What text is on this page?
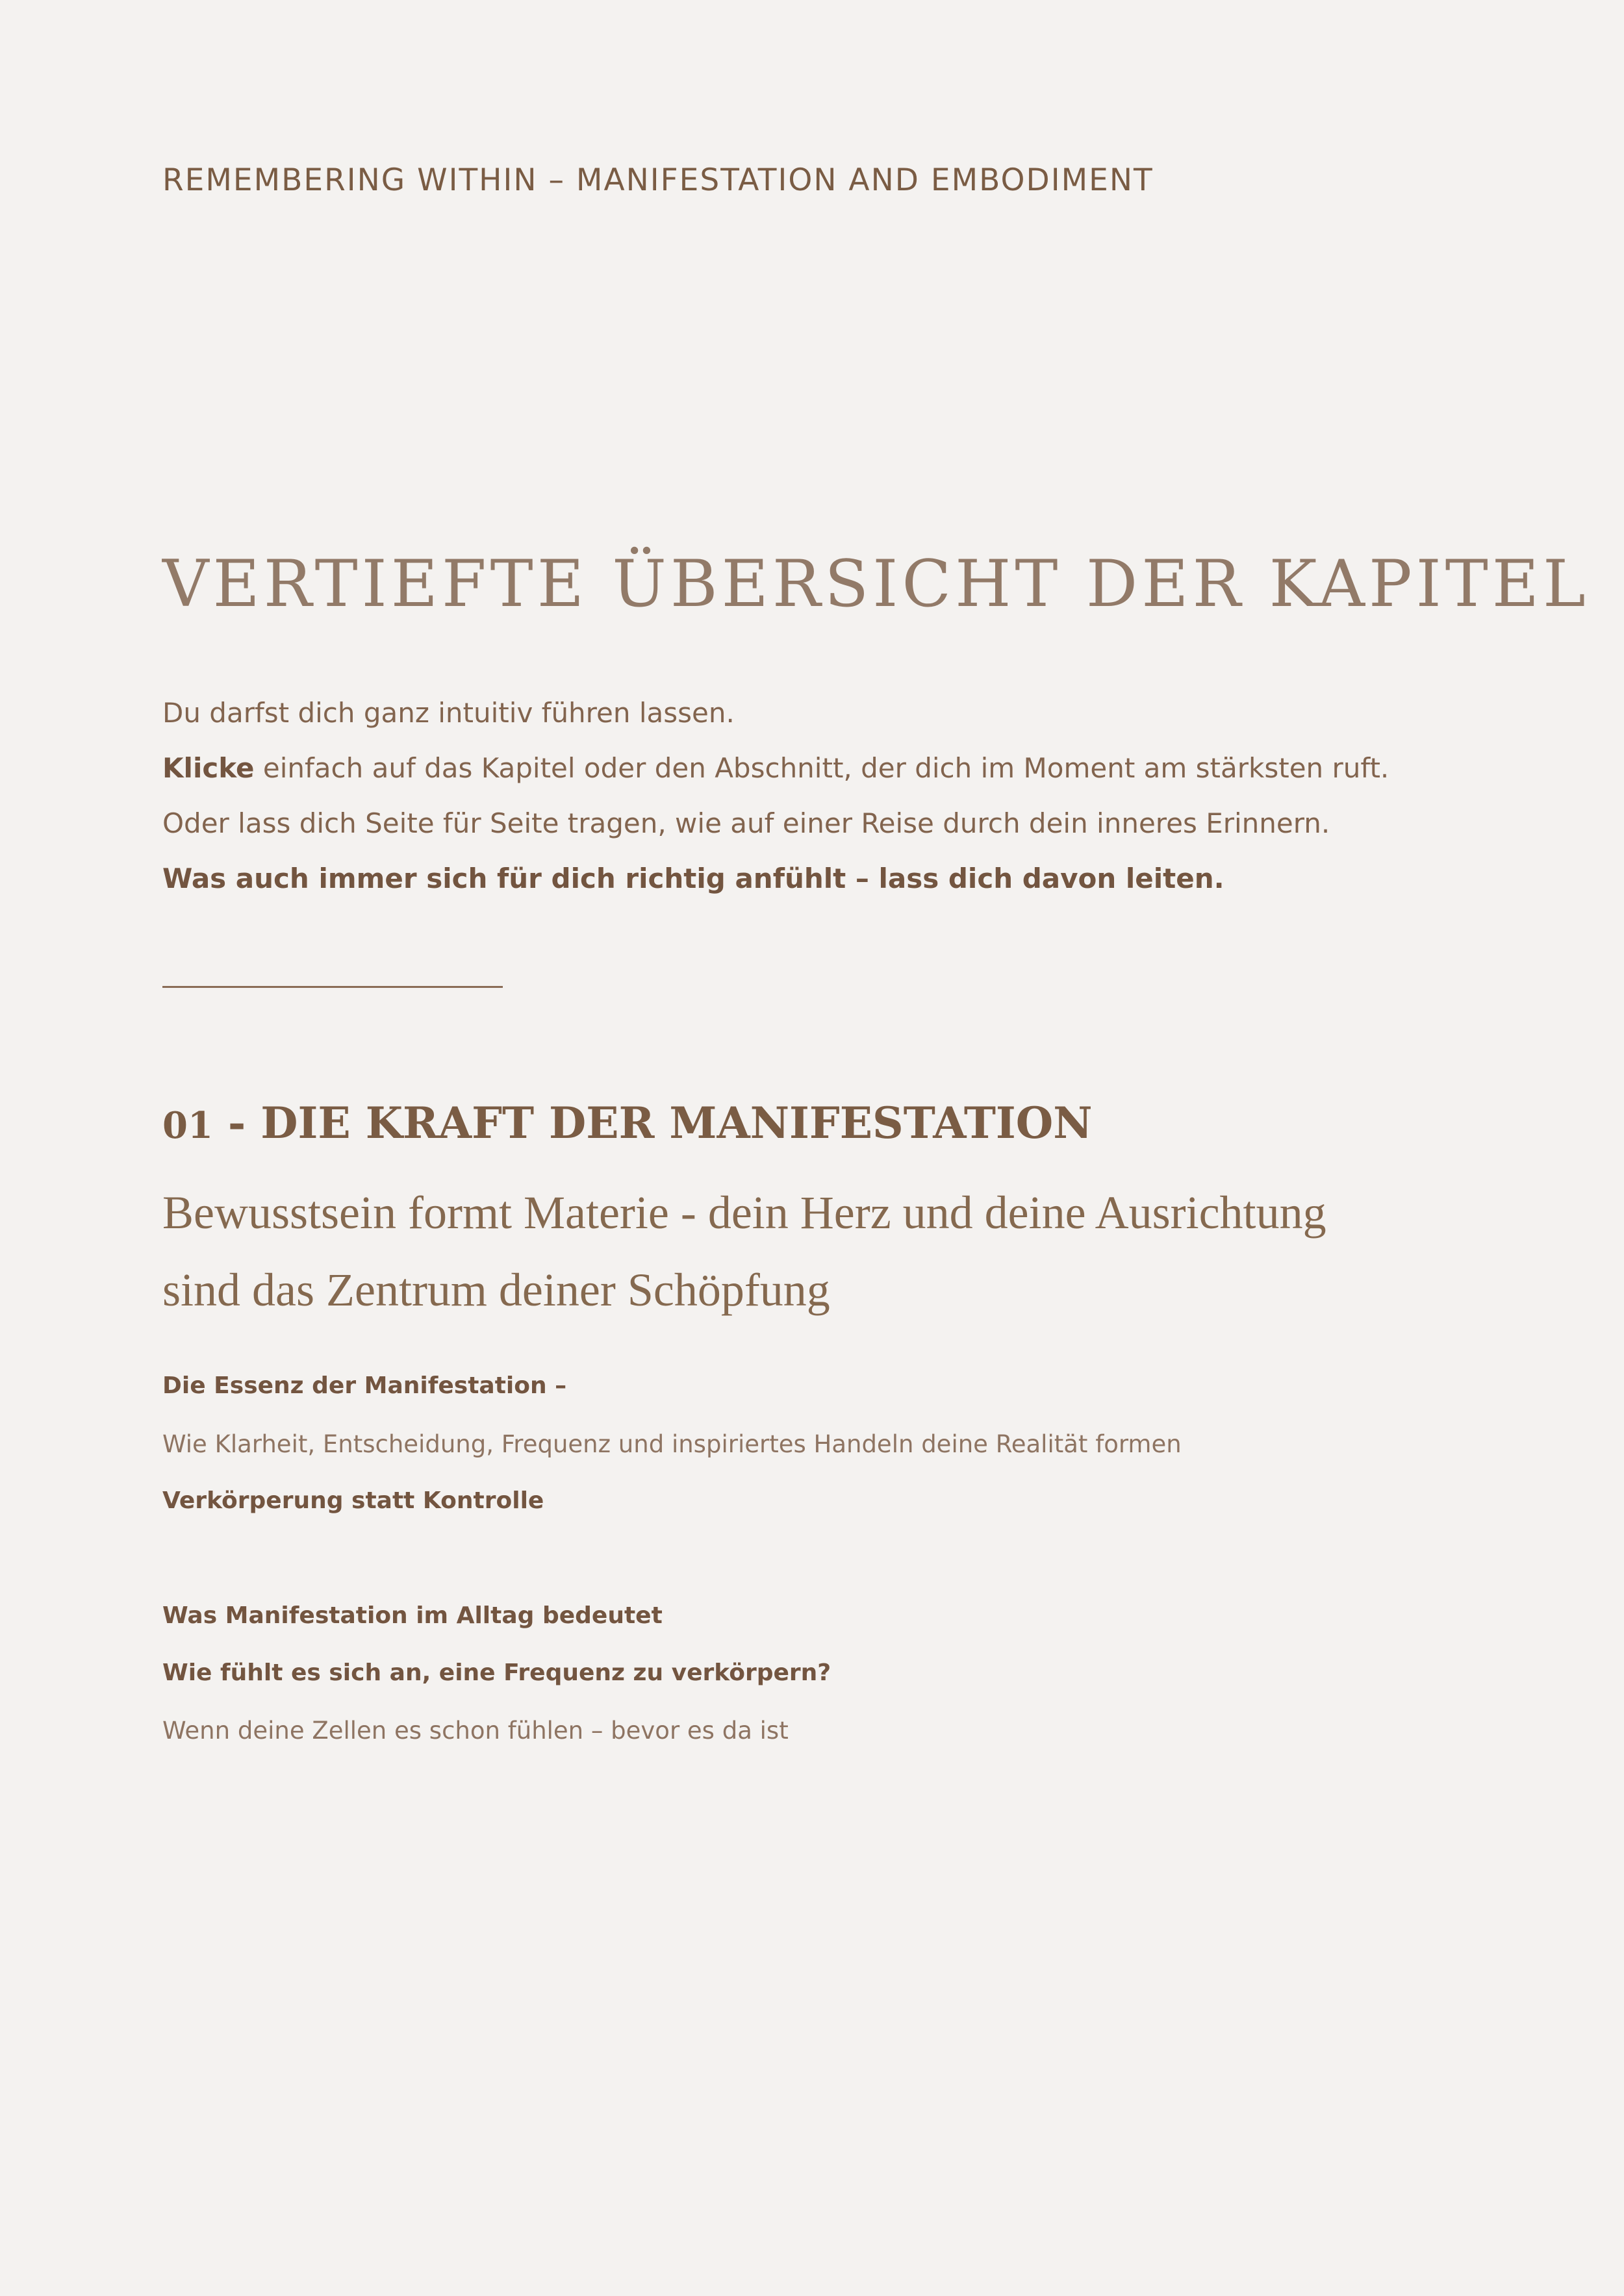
REMEMBERING WITHIN – MANIFESTATION AND EMBODIMENT
VERTIEFTE ÜBERSICHT DER KAPITEL

Du darfst dich ganz intuitiv führen lassen.

Klicke einfach auf das Kapitel oder den Abschnitt, der dich im Moment am stärksten ruft.

Oder lass dich Seite für Seite tragen, wie auf einer Reise durch dein inneres Erinnern.

Was auch immer sich für dich richtig anfühlt – lass dich davon leiten.

01 - DIE KRAFT DER MANIFESTATION

Bewusstsein formt Materie - dein Herz und deine Ausrichtung

sind das Zentrum deiner Schöpfung

Die Essenz der Manifestation –
Wie Klarheit, Entscheidung, Frequenz und inspiriertes Handeln deine Realität formen
Verkörperung statt Kontrolle
Was Manifestation im Alltag bedeutet
Wie fühlt es sich an, eine Frequenz zu verkörpern?
Wenn deine Zellen es schon fühlen – bevor es da ist
